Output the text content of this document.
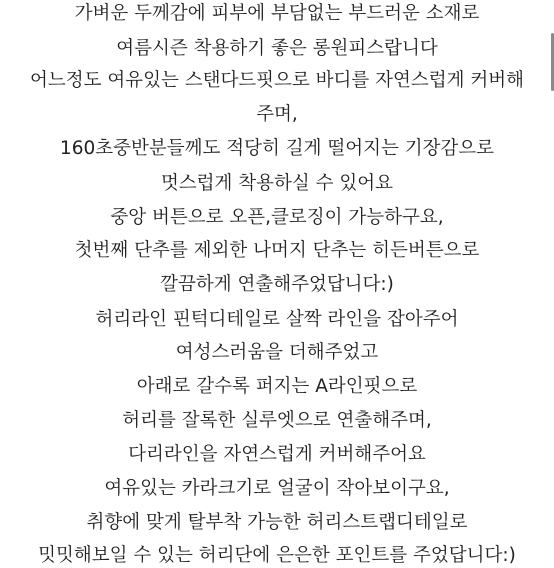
가벼운 두께감에 피부에 부담없는 부드러운 소재로
여름시즌 착용하기 좋은 롱원피스랍니다
어느정도 여유있는 스탠다드핏으로 바디를 자연스럽게 커버해
주며,
160초중반분들께도 적당히 길게 떨어지는 기장감으로
멋스럽게 착용하실 수 있어요
중앙 버튼으로 오픈,클로징이 가능하구요,
첫번째 단추를 제외한 나머지 단추는 히든버튼으로
깔끔하게 연출해주었답니다:)
허리라인 핀턱디테일로 살짝 라인을 잡아주어
여성스러움을 더해주었고
아래로 갈수록 퍼지는 A라인핏으로
허리를 잘록한 실루엣으로 연출해주며,
다리라인을 자연스럽게 커버해주어요
여유있는 카라크기로 얼굴이 작아보이구요,
취향에 맞게 탈부착 가능한 허리스트랩디테일로
밋밋해보일 수 있는 허리단에 은은한 포인트를 주었답니다:)
